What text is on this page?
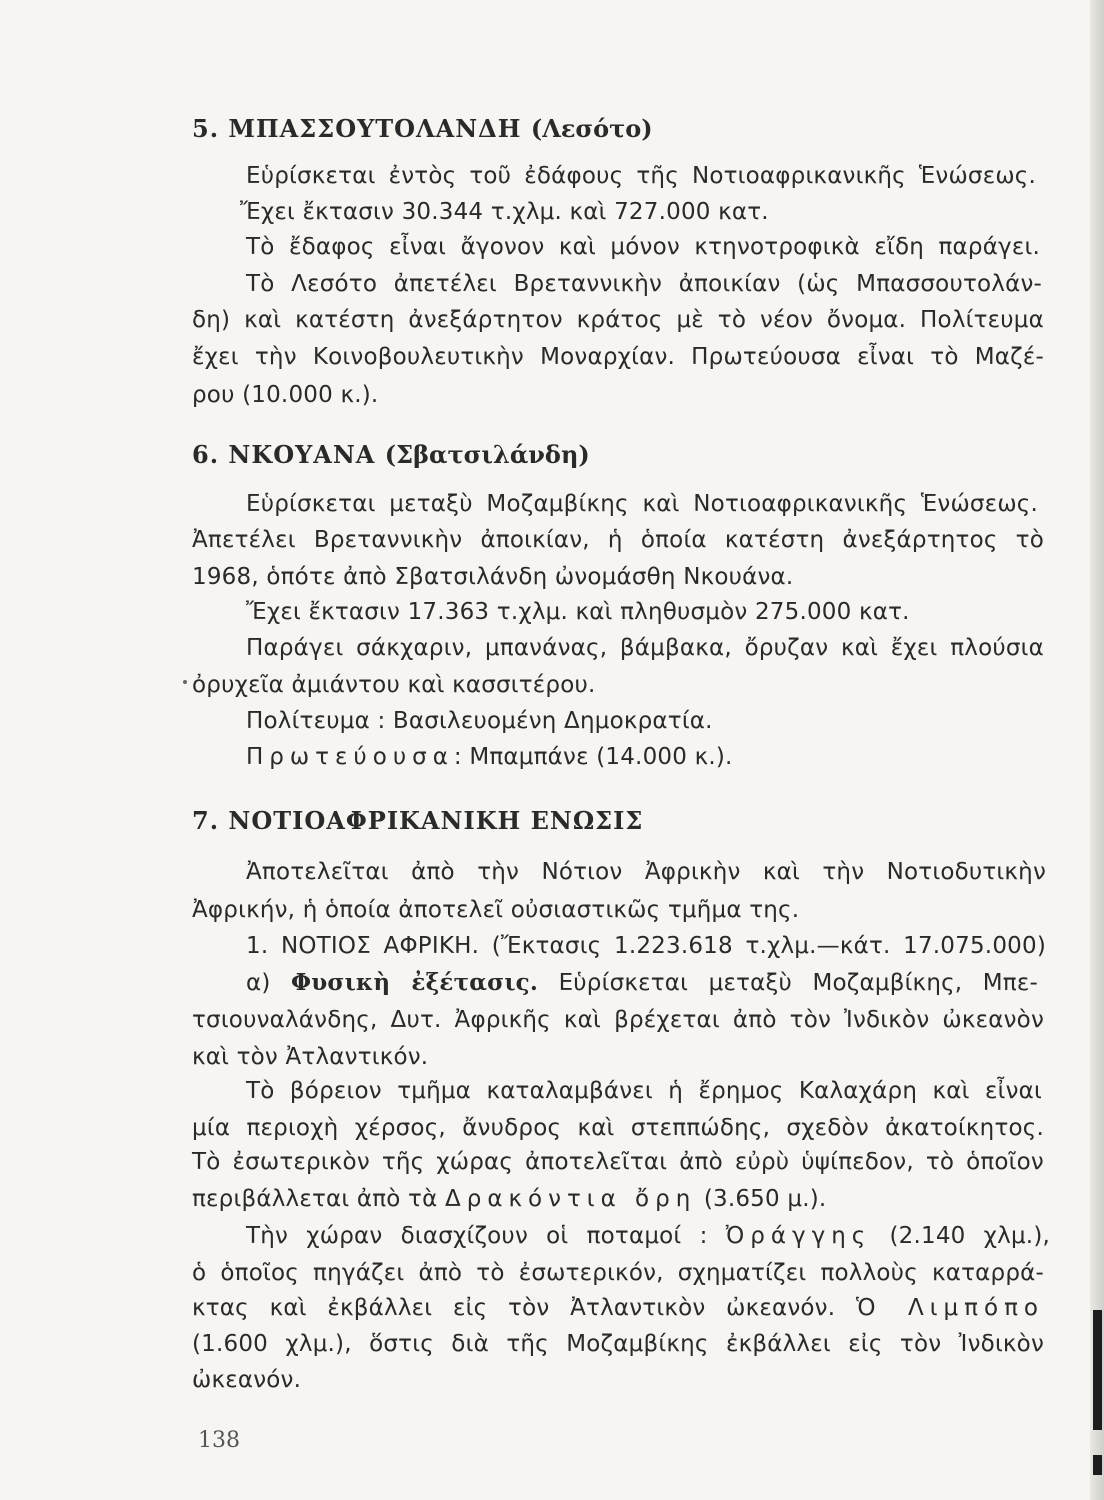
5. ΜΠΑΣΣΟΥΤΟΛΑΝΔΗ (Λεσότο)

Εὑρίσκεται ἐντὸς τοῦ ἐδάφους τῆς Νοτιοαφρικανικῆς Ἑνώσεως.

Ἔχει ἔκτασιν 30.344 τ.χλμ. καὶ 727.000 κατ.

Τὸ ἔδαφος εἶναι ἄγονον καὶ μόνον κτηνοτροφικὰ εἴδη παράγει.

Τὸ Λεσότο ἀπετέλει Βρεταννικὴν ἀποικίαν (ὡς Μπασσουτολάν-

δη) καὶ κατέστη ἀνεξάρτητον κράτος μὲ τὸ νέον ὄνομα. Πολίτευμα

ἔχει τὴν Κοινοβουλευτικὴν Μοναρχίαν. Πρωτεύουσα εἶναι τὸ Μαζέ-

ρου (10.000 κ.).

6. ΝΚΟΥΑΝΑ (Σβατσιλάνδη)

Εὑρίσκεται μεταξὺ Μοζαμβίκης καὶ Νοτιοαφρικανικῆς Ἑνώσεως.

Ἀπετέλει Βρεταννικὴν ἀποικίαν, ἡ ὁποία κατέστη ἀνεξάρτητος τὸ

1968, ὁπότε ἀπὸ Σβατσιλάνδη ὠνομάσθη Νκουάνα.

Ἔχει ἔκτασιν 17.363 τ.χλμ. καὶ πληθυσμὸν 275.000 κατ.

Παράγει σάκχαριν, μπανάνας, βάμβακα, ὄρυζαν καὶ ἔχει πλούσια

ὀρυχεῖα ἀμιάντου καὶ κασσιτέρου.

Πολίτευμα : Βασιλευομένη Δημοκρατία.

Πρωτεύουσα: Μπαμπάνε (14.000 κ.).

7. ΝΟΤΙΟΑΦΡΙΚΑΝΙΚΗ ΕΝΩΣΙΣ

Ἀποτελεῖται ἀπὸ τὴν Νότιον Ἀφρικὴν καὶ τὴν Νοτιοδυτικὴν

Ἀφρικήν, ἡ ὁποία ἀποτελεῖ οὐσιαστικῶς τμῆμα της.

1. ΝΟΤΙΟΣ ΑΦΡΙΚΗ. (Ἔκτασις 1.223.618 τ.χλμ.—κάτ. 17.075.000)

α) Φυσικὴ ἐξέτασις. Εὑρίσκεται μεταξὺ Μοζαμβίκης, Μπε-

τσιουναλάνδης, Δυτ. Ἀφρικῆς καὶ βρέχεται ἀπὸ τὸν Ἰνδικὸν ὠκεανὸν

καὶ τὸν Ἀτλαντικόν.

Τὸ βόρειον τμῆμα καταλαμβάνει ἡ ἔρημος Καλαχάρη καὶ εἶναι

μία περιοχὴ χέρσος, ἄνυδρος καὶ στεππώδης, σχεδὸν ἀκατοίκητος.

Τὸ ἐσωτερικὸν τῆς χώρας ἀποτελεῖται ἀπὸ εὐρὺ ὑψίπεδον, τὸ ὁποῖον

περιβάλλεται ἀπὸ τὰ Δρακόντια ὄρη (3.650 μ.).

Τὴν χώραν διασχίζουν οἱ ποταμοί : Ὀράγγης (2.140 χλμ.),

ὁ ὁποῖος πηγάζει ἀπὸ τὸ ἐσωτερικόν, σχηματίζει πολλοὺς καταρρά-

κτας καὶ ἐκβάλλει εἰς τὸν Ἀτλαντικὸν ὠκεανόν. Ὁ Λιμπόπο

(1.600 χλμ.), ὅστις διὰ τῆς Μοζαμβίκης ἐκβάλλει εἰς τὸν Ἰνδικὸν

ὠκεανόν.

138
